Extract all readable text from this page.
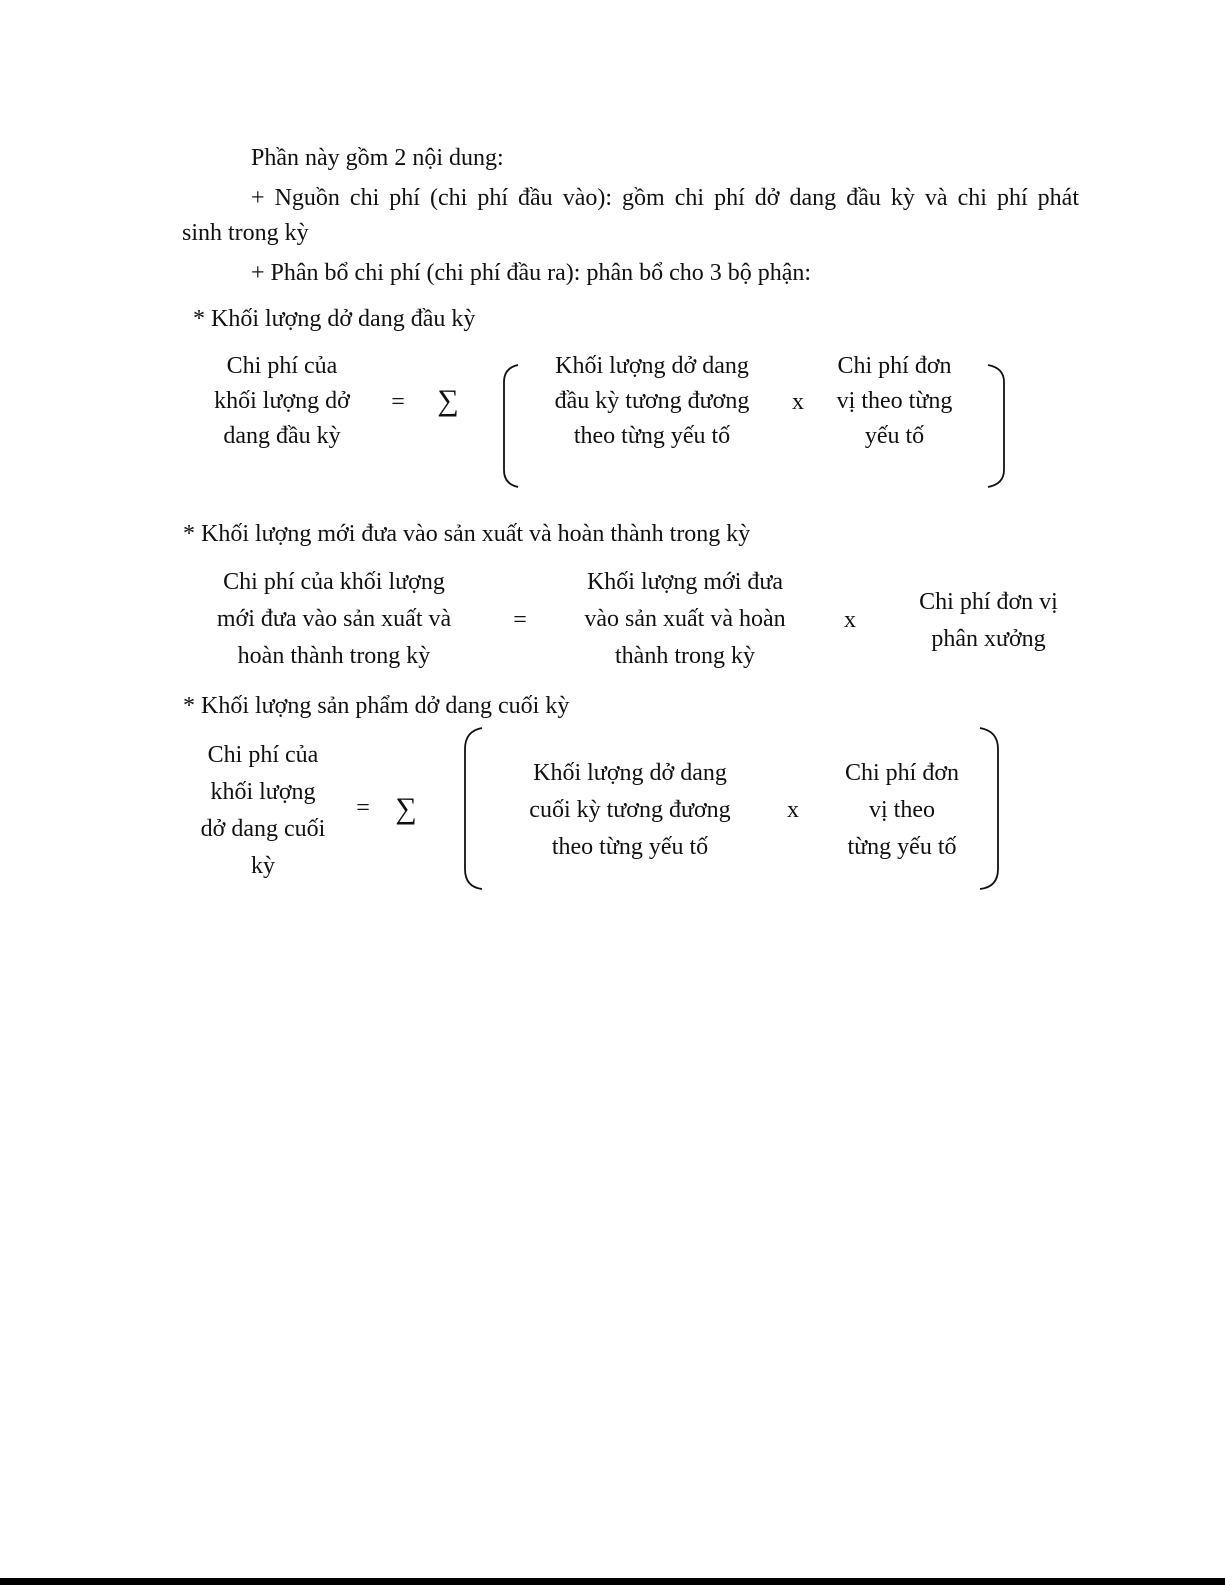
Phần này gồm 2 nội dung:
+ Nguồn chi phí (chi phí đầu vào): gồm chi phí dở dang đầu kỳ và chi phí phát
sinh trong kỳ
+ Phân bổ chi phí (chi phí đầu ra): phân bổ cho 3 bộ phận:
* Khối lượng dở dang đầu kỳ
Chi phí của
khối lượng dở
dang đầu kỳ
= ∑
Khối lượng dở dang
đầu kỳ tương đương
theo từng yếu tố
x
Chi phí đơn
vị theo từng
yếu tố
* Khối lượng mới đưa vào sản xuất và hoàn thành trong kỳ
Chi phí của khối lượng
mới đưa vào sản xuất và
hoàn thành trong kỳ
=
Khối lượng mới đưa
vào sản xuất và hoàn
thành trong kỳ
x
Chi phí đơn vị
phân xưởng
* Khối lượng sản phẩm dở dang cuối kỳ
Chi phí của
khối lượng
dở dang cuối
kỳ
= ∑
Khối lượng dở dang
cuối kỳ tương đương
theo từng yếu tố
x
Chi phí đơn
vị theo
từng yếu tố
